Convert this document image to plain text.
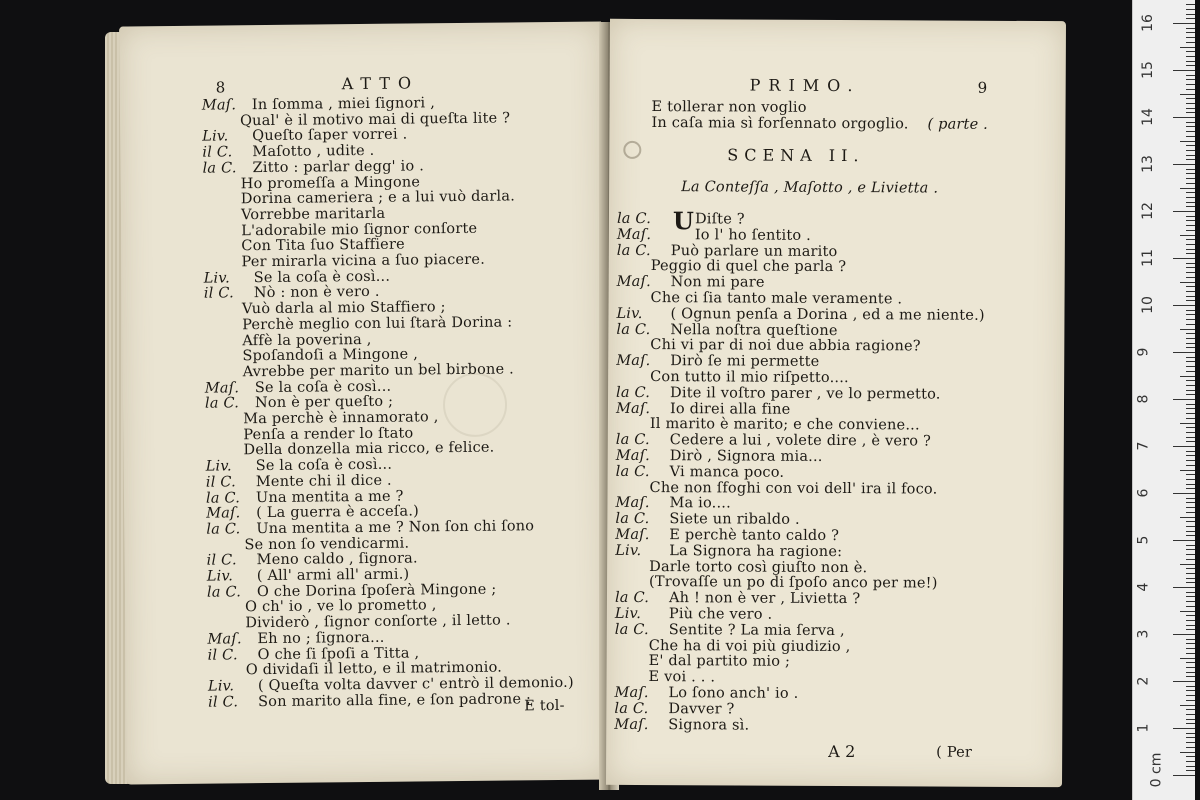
8	ATTO
E tol-
Maſ. In ſomma , miei ſignori ,
Qual' è il motivo mai di queſta lite ?
Liv. Queſto ſaper vorrei .
il C. Maſotto , udite .
la C. Zitto : parlar degg' io .
Ho promeſſa a Mingone
Dorina cameriera ; e a lui vuò darla.
Vorrebbe maritarla
L'adorabile mio ſignor conſorte
Con Tita ſuo Staffiere
Per mirarla vicina a ſuo piacere.
Liv. Se la coſa è così...
il C. Nò : non è vero .
Vuò darla al mio Staffiero ;
Perchè meglio con lui ſtarà Dorina :
Affè la poverina ,
Spoſandoſi a Mingone ,
Avrebbe per marito un bel birbone .
Maſ. Se la coſa è così...
la C. Non è per queſto ;
Ma perchè è innamorato ,
Penſa a render lo ſtato
Della donzella mia ricco, e felice.
Liv. Se la coſa è così...
il C. Mente chi il dice .
la C. Una mentita a me ?
Maſ. ( La guerra è acceſa.)
la C. Una mentita a me ? Non ſon chi ſono
Se non ſo vendicarmi.
il C. Meno caldo , ſignora.
Liv. ( All' armi all' armi.)
la C. O che Dorina ſpoſerà Mingone ;
O ch' io , ve lo prometto ,
Dividerò , ſignor conſorte , il letto .
Maſ. Eh no ; ſignora...
il C. O che ſi ſpoſi a Titta ,
O dividaſi il letto, e il matrimonio.
Liv. ( Queſta volta davver c' entrò il demonio.)
il C. Son marito alla fine, e ſon padrone ;
PRIMO.	9
SCENA II.
La Conteſſa , Maſotto , e Livietta .
A 2	( Per
E tollerar non voglio
In caſa mia sì forſennato orgoglio. ( parte .
la C. U Diſte ?
Maſ.	Io l' ho ſentito .
la C. Può parlare un marito
Peggio di quel che parla ?
Maſ. Non mi pare
Che ci ſia tanto male veramente .
Liv. ( Ognun penſa a Dorina , ed a me niente.)
la C. Nella noſtra queſtione
Chi vi par di noi due abbia ragione?
Maſ. Dirò ſe mi permette
Con tutto il mio riſpetto....
la C. Dite il voſtro parer , ve lo permetto.
Maſ. Io direi alla fine
Il marito è marito; e che conviene...
la C. Cedere a lui , volete dire , è vero ?
Maſ. Dirò , Signora mia...
la C. Vi manca poco.
Che non ſfoghi con voi dell' ira il foco.
Maſ. Ma io....
la C. Siete un ribaldo .
Maſ. E perchè tanto caldo ?
Liv. La Signora ha ragione:
Darle torto così giuſto non è.
(Trovaſſe un po di ſpoſo anco per me!)
la C. Ah ! non è ver , Livietta ?
Liv. Più che vero .
la C. Sentite ? La mia ſerva ,
Che ha di voi più giudizio ,
E' dal partito mio ;
E voi . . .
Maſ. Lo ſono anch' io .
la C. Davver ?
Maſ. Signora sì.
0 cm
1
2
3
4
5
6
7
8
9
10
11
12
13
14
15
16
